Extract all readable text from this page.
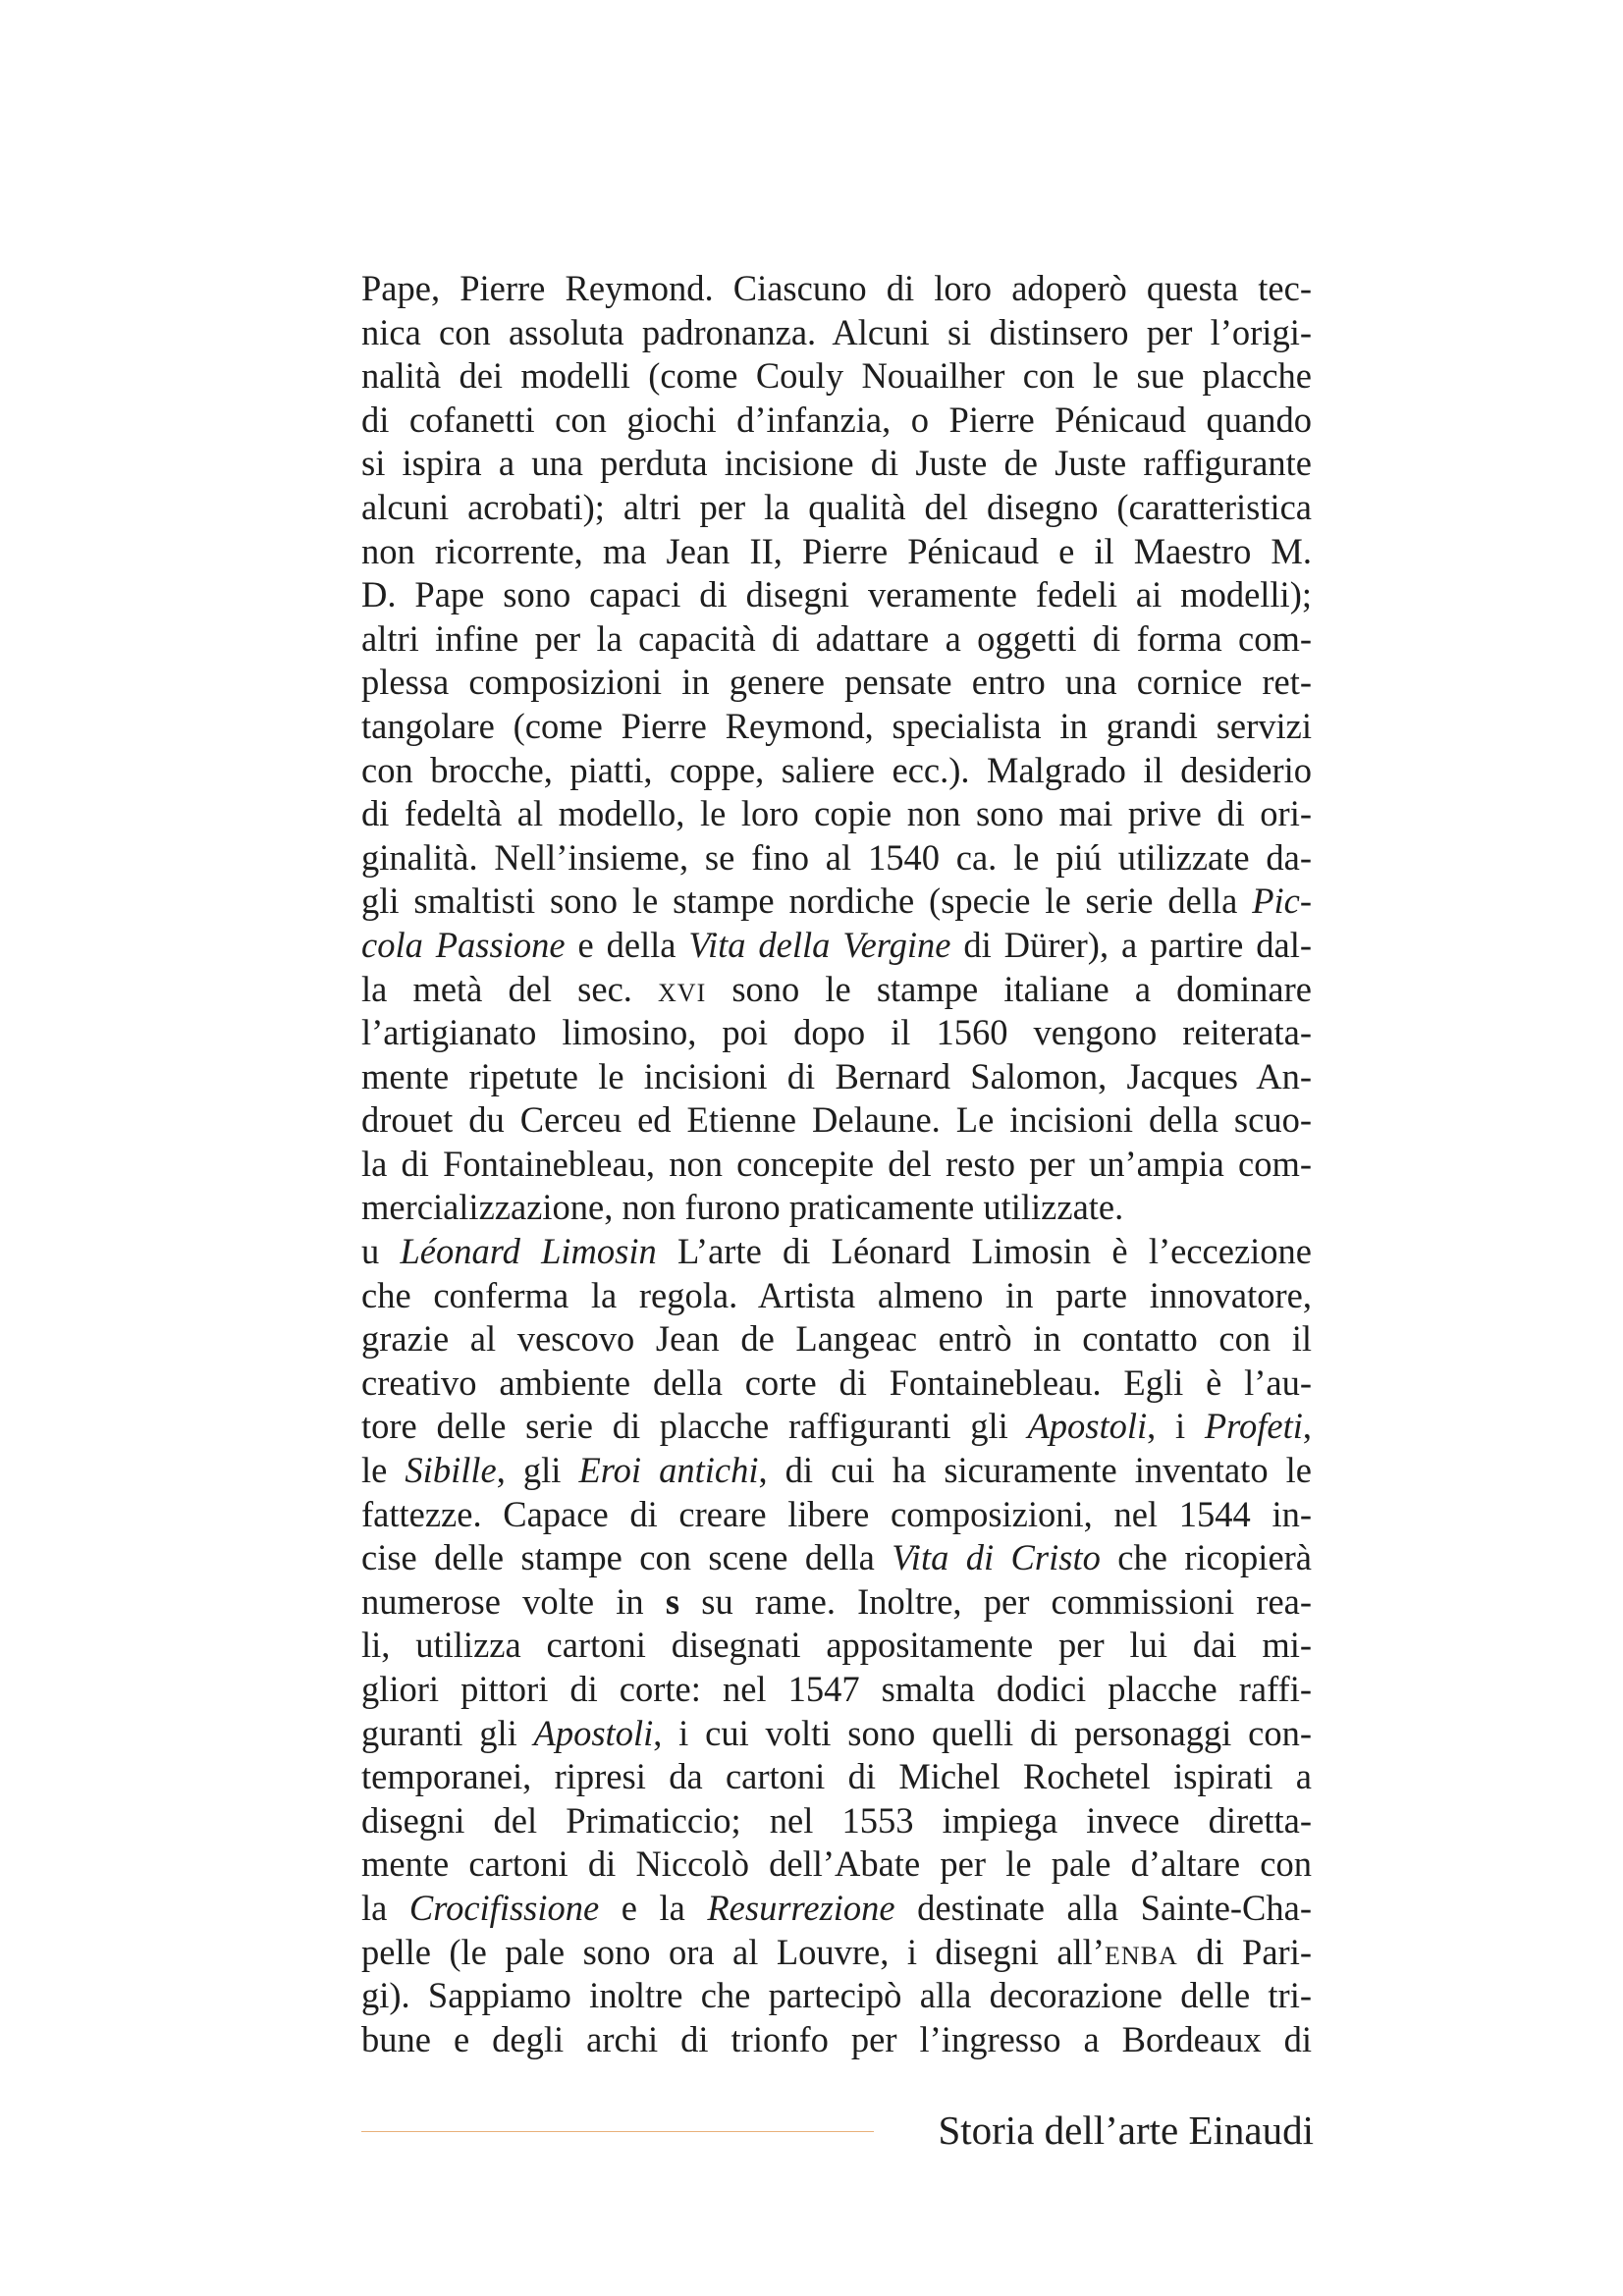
Pape, Pierre Reymond. Ciascuno di loro adoperò questa tec-
nica con assoluta padronanza. Alcuni si distinsero per l’origi-
nalità dei modelli (come Couly Nouailher con le sue placche
di cofanetti con giochi d’infanzia, o Pierre Pénicaud quando
si ispira a una perduta incisione di Juste de Juste raffigurante
alcuni acrobati); altri per la qualità del disegno (caratteristica
non ricorrente, ma Jean II, Pierre Pénicaud e il Maestro M.
D. Pape sono capaci di disegni veramente fedeli ai modelli);
altri infine per la capacità di adattare a oggetti di forma com-
plessa composizioni in genere pensate entro una cornice ret-
tangolare (come Pierre Reymond, specialista in grandi servizi
con brocche, piatti, coppe, saliere ecc.). Malgrado il desiderio
di fedeltà al modello, le loro copie non sono mai prive di ori-
ginalità. Nell’insieme, se fino al 1540 ca. le piú utilizzate da-
gli smaltisti sono le stampe nordiche (specie le serie della Pic-
cola Passione e della Vita della Vergine di Dürer), a partire dal-
la metà del sec. xvi sono le stampe italiane a dominare
l’artigianato limosino, poi dopo il 1560 vengono reiterata-
mente ripetute le incisioni di Bernard Salomon, Jacques An-
drouet du Cerceu ed Etienne Delaune. Le incisioni della scuo-
la di Fontainebleau, non concepite del resto per un’ampia com-
mercializzazione, non furono praticamente utilizzate.
u Léonard Limosin L’arte di Léonard Limosin è l’eccezione
che conferma la regola. Artista almeno in parte innovatore,
grazie al vescovo Jean de Langeac entrò in contatto con il
creativo ambiente della corte di Fontainebleau. Egli è l’au-
tore delle serie di placche raffiguranti gli Apostoli, i Profeti,
le Sibille, gli Eroi antichi, di cui ha sicuramente inventato le
fattezze. Capace di creare libere composizioni, nel 1544 in-
cise delle stampe con scene della Vita di Cristo che ricopierà
numerose volte in s su rame. Inoltre, per commissioni rea-
li, utilizza cartoni disegnati appositamente per lui dai mi-
gliori pittori di corte: nel 1547 smalta dodici placche raffi-
guranti gli Apostoli, i cui volti sono quelli di personaggi con-
temporanei, ripresi da cartoni di Michel Rochetel ispirati a
disegni del Primaticcio; nel 1553 impiega invece diretta-
mente cartoni di Niccolò dell’Abate per le pale d’altare con
la Crocifissione e la Resurrezione destinate alla Sainte-Cha-
pelle (le pale sono ora al Louvre, i disegni all’enba di Pari-
gi). Sappiamo inoltre che partecipò alla decorazione delle tri-
bune e degli archi di trionfo per l’ingresso a Bordeaux di
Storia dell’arte Einaudi
